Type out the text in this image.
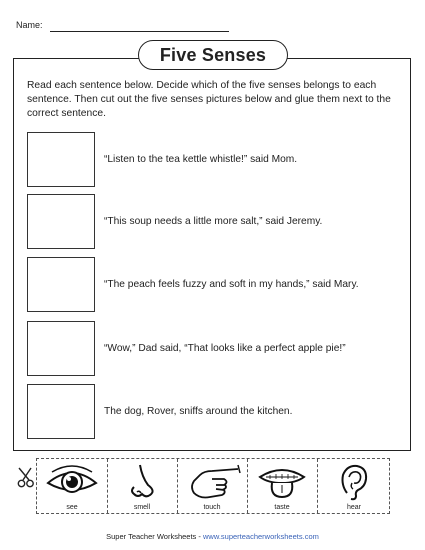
Name:
Five Senses

Read each sentence below. Decide which of the five senses belongs to each sentence. Then cut out the five senses pictures below and glue them next to the correct sentence.

“Listen to the tea kettle whistle!” said Mom.
“This soup needs a little more salt,” said Jeremy.
“The peach feels fuzzy and soft in my hands,” said Mary.
“Wow,” Dad said, “That looks like a perfect apple pie!”
The dog, Rover, sniffs around the kitchen.
see	smell	touch	taste	hear
Super Teacher Worksheets - www.superteacherworksheets.com
